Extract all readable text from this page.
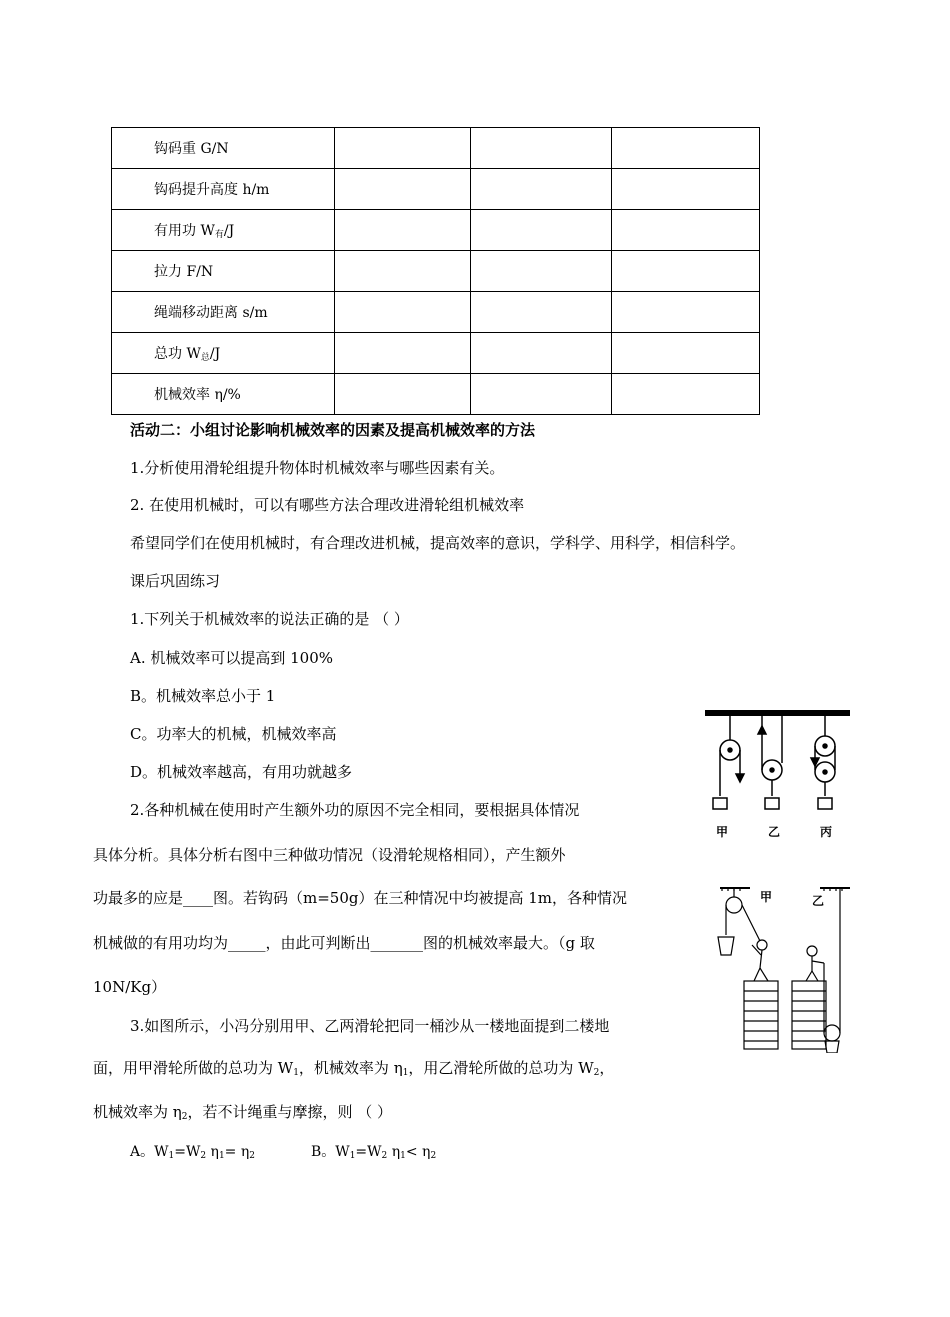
钩码重 G/N			
钩码提升高度 h/m			
有用功 $W_有/J$			
拉力 F/N			
绳端移动距离 s/m			
总功 $W_总/J$			
机械效率 η/%			
活动二：小组讨论影响机械效率的因素及提高机械效率的方法
1.分析使用滑轮组提升物体时机械效率与哪些因素有关。
2. 在使用机械时，可以有哪些方法合理改进滑轮组机械效率
希望同学们在使用机械时，有合理改进机械，提高效率的意识，学科学、用科学，相信科学。
课后巩固练习
1.下列关于机械效率的说法正确的是 （ ）
A. 机械效率可以提高到 100%
B。机械效率总小于 1
C。功率大的机械，机械效率高
D。机械效率越高，有用功就越多
2.各种机械在使用时产生额外功的原因不完全相同，要根据具体情况
具体分析。具体分析右图中三种做功情况（设滑轮规格相同），产生额外
功最多的应是____图。若钩码（m=50g）在三种情况中均被提高 1m，各种情况
机械做的有用功均为_____，由此可判断出_______图的机械效率最大。（g 取
10N/Kg）
3.如图所示，小冯分别用甲、乙两滑轮把同一桶沙从一楼地面提到二楼地
面，用甲滑轮所做的总功为 $W_1$，机械效率为 $\eta_1$，用乙滑轮所做的总功为 $W_2$，
机械效率为 $\eta_2$，若不计绳重与摩擦，则 （ ）
A。$W_1=W_2$ $\eta_1= \eta_2$	B。$W_1=W_2$ $\eta_1< \eta_2$
甲	乙	丙
甲	乙
